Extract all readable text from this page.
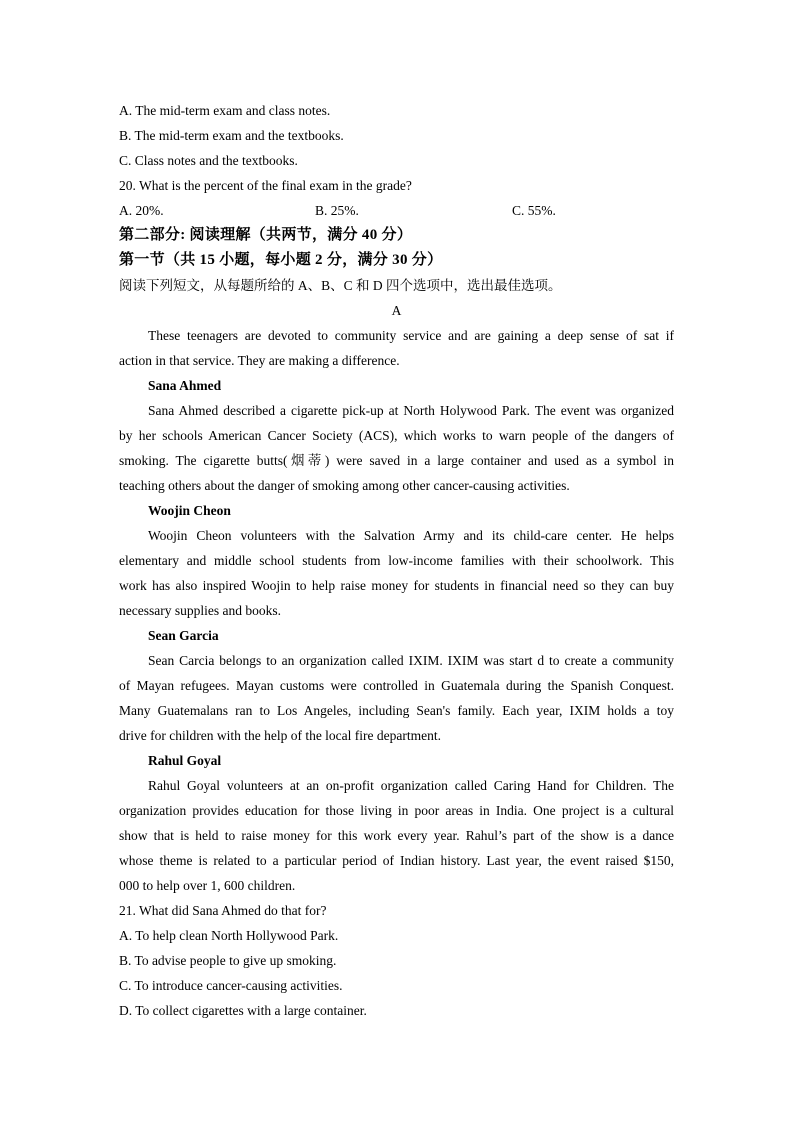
A. The mid-term exam and class notes.
B. The mid-term exam and the textbooks.
C. Class notes and the textbooks.
20. What is the percent of the final exam in the grade?
A. 20%.	B. 25%.	C. 55%.
第二部分: 阅读理解（共两节，满分 40 分）
第一节（共 15 小题，每小题 2 分，满分 30 分）
阅读下列短文，从每题所给的 A、B、C 和 D 四个选项中，选出最佳选项。
A
These teenagers are devoted to community service and are gaining a deep sense of sat if
action in that service. They are making a difference.
Sana Ahmed
Sana Ahmed described a cigarette pick-up at North Holywood Park. The event was organized
by her schools American Cancer Society (ACS), which works to warn people of the dangers of
smoking. The cigarette butts(烟蒂) were saved in a large container and used as a symbol in
teaching others about the danger of smoking among other cancer-causing activities.
Woojin Cheon
Woojin Cheon volunteers with the Salvation Army and its child-care center. He helps
elementary and middle school students from low-income families with their schoolwork. This
work has also inspired Woojin to help raise money for students in financial need so they can buy
necessary supplies and books.
Sean Garcia
Sean Carcia belongs to an organization called IXIM. IXIM was start d to create a community
of Mayan refugees. Mayan customs were controlled in Guatemala during the Spanish Conquest.
Many Guatemalans ran to Los Angeles, including Sean's family. Each year, IXIM holds a toy
drive for children with the help of the local fire department.
Rahul Goyal
Rahul Goyal volunteers at an on-profit organization called Caring Hand for Children. The
organization provides education for those living in poor areas in India. One project is a cultural
show that is held to raise money for this work every year. Rahul’s part of the show is a dance
whose theme is related to a particular period of Indian history. Last year, the event raised $150,
000 to help over 1, 600 children.
21. What did Sana Ahmed do that for?
A. To help clean North Hollywood Park.
B. To advise people to give up smoking.
C. To introduce cancer-causing activities.
D. To collect cigarettes with a large container.
